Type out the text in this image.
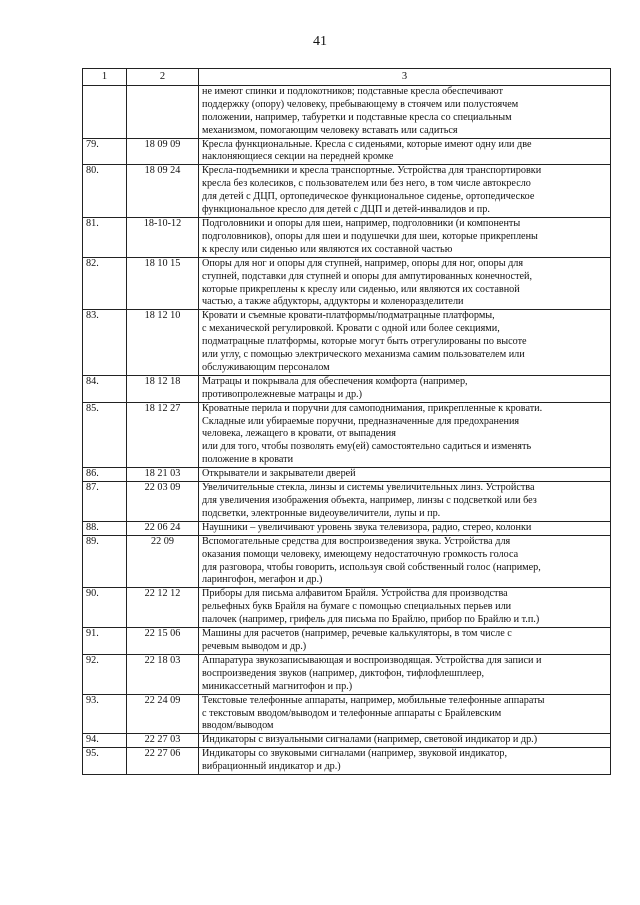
41
1	2	3
		не имеют спинки и подлокотников; подставные кресла обеспечивают
поддержку (опору) человеку, пребывающему в стоячем или полустоячем
положении, например, табуретки и подставные кресла со специальным
механизмом, помогающим человеку вставать или садиться
79.	18 09 09	Кресла функциональные. Кресла с сиденьями, которые имеют одну или две
наклоняющиеся секции на передней кромке
80.	18 09 24	Кресла-подъемники и кресла транспортные. Устройства для транспортировки
кресла без колесиков, с пользователем или без него, в том числе автокресло
для детей с ДЦП, ортопедическое функциональное сиденье, ортопедическое
функциональное кресло для детей с ДЦП и детей-инвалидов и пр.
81.	18-10-12	Подголовники и опоры для шеи, например, подголовники (и компоненты
подголовников), опоры для шеи и подушечки для шеи, которые прикреплены
к креслу или сиденью или являются их составной частью
82.	18 10 15	Опоры для ног и опоры для ступней, например, опоры для ног, опоры для
ступней, подставки для ступней и опоры для ампутированных конечностей,
которые прикреплены к креслу или сиденью, или являются их составной
частью, а также абдукторы, аддукторы и коленоразделители
83.	18 12 10	Кровати и съемные кровати-платформы/подматрацные платформы,
с механической регулировкой. Кровати с одной или более секциями,
подматрацные платформы, которые могут быть отрегулированы по высоте
или углу, с помощью электрического механизма самим пользователем или
обслуживающим персоналом
84.	18 12 18	Матрацы и покрывала для обеспечения комфорта (например,
противопролежневые матрацы и др.)
85.	18 12 27	Кроватные перила и поручни для самоподнимания, прикрепленные к кровати.
Складные или убираемые поручни, предназначенные для предохранения
человека, лежащего в кровати, от выпадения
или для того, чтобы позволять ему(ей) самостоятельно садиться и изменять
положение в кровати
86.	18 21 03	Открыватели и закрыватели дверей
87.	22 03 09	Увеличительные стекла, линзы и системы увеличительных линз. Устройства
для увеличения изображения объекта, например, линзы с подсветкой или без
подсветки, электронные видеоувеличители, лупы и пр.
88.	22 06 24	Наушники – увеличивают уровень звука телевизора, радио, стерео, колонки
89.	22 09	Вспомогательные средства для воспроизведения звука. Устройства для
оказания помощи человеку, имеющему недостаточную громкость голоса
для разговора, чтобы говорить, используя свой собственный голос (например,
ларингофон, мегафон и др.)
90.	22 12 12	Приборы для письма алфавитом Брайля. Устройства для производства
рельефных букв Брайля на бумаге с помощью специальных перьев или
палочек (например, грифель для письма по Брайлю, прибор по Брайлю и т.п.)
91.	22 15 06	Машины для расчетов (например, речевые калькуляторы, в том числе с
речевым выводом и др.)
92.	22 18 03	Аппаратура звукозаписывающая и воспроизводящая. Устройства для записи и
воспроизведения звуков (например, диктофон, тифлофлешплеер,
миникассетный магнитофон и пр.)
93.	22 24 09	Текстовые телефонные аппараты, например, мобильные телефонные аппараты
с текстовым вводом/выводом и телефонные аппараты с Брайлевским
вводом/выводом
94.	22 27 03	Индикаторы с визуальными сигналами (например, световой индикатор и др.)
95.	22 27 06	Индикаторы со звуковыми сигналами (например, звуковой индикатор,
вибрационный индикатор и др.)
